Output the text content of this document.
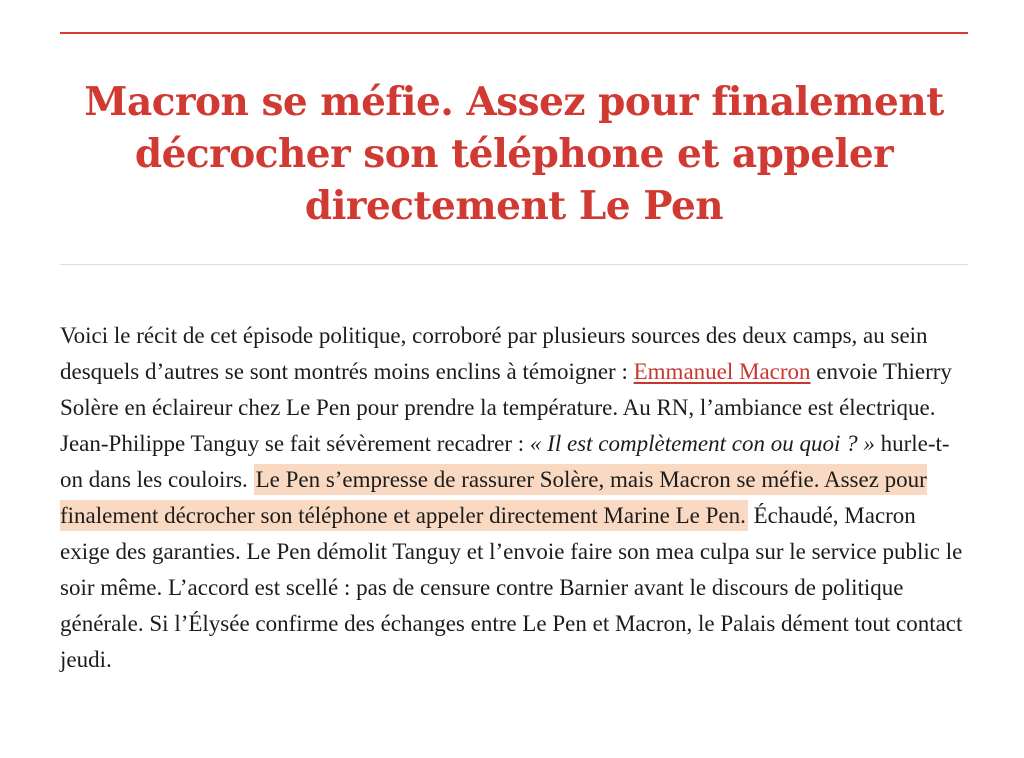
Macron se méfie. Assez pour finalement décrocher son téléphone et appeler directement Le Pen

Voici le récit de cet épisode politique, corroboré par plusieurs sources des deux camps, au sein desquels d’autres se sont montrés moins enclins à témoigner : Emmanuel Macron envoie Thierry Solère en éclaireur chez Le Pen pour prendre la température. Au RN, l’ambiance est électrique. Jean-Philippe Tanguy se fait sévèrement recadrer : « Il est complètement con ou quoi ? » hurle-t-on dans les couloirs. Le Pen s’empresse de rassurer Solère, mais Macron se méfie. Assez pour finalement décrocher son téléphone et appeler directement Marine Le Pen. Échaudé, Macron exige des garanties. Le Pen démolit Tanguy et l’envoie faire son mea culpa sur le service public le soir même. L’accord est scellé : pas de censure contre Barnier avant le discours de politique générale. Si l’Élysée confirme des échanges entre Le Pen et Macron, le Palais dément tout contact jeudi.
